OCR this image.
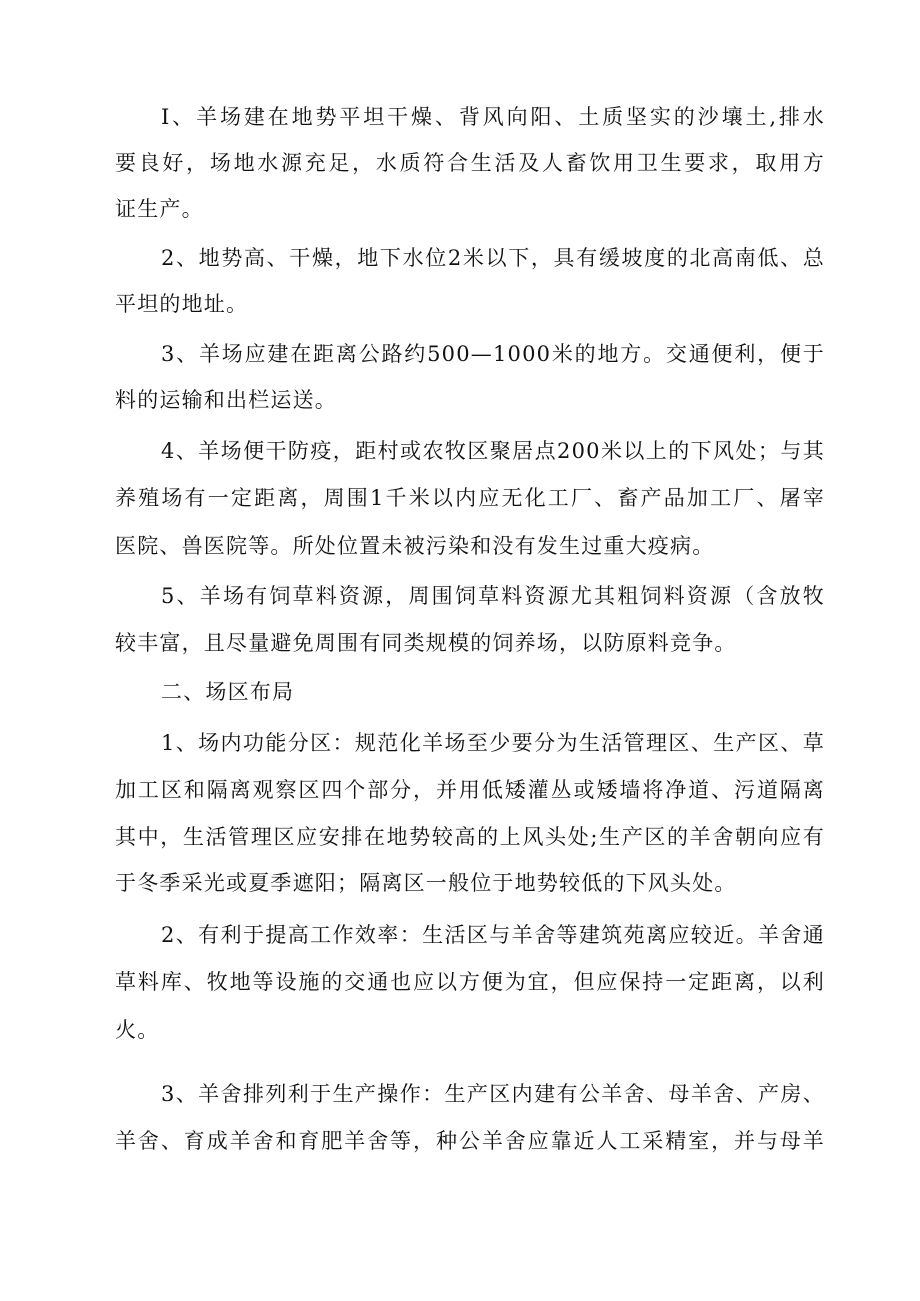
I、羊场建在地势平坦干燥、背风向阳、土质坚实的沙壤土,排水
要良好，场地水源充足，水质符合生活及人畜饮用卫生要求，取用方
证生产。
2、地势高、干燥，地下水位2米以下，具有缓坡度的北高南低、总
平坦的地址。
3、羊场应建在距离公路约500—1000米的地方。交通便利，便于
料的运输和出栏运送。
4、羊场便干防疫，距村或农牧区聚居点200米以上的下风处；与其
养殖场有一定距离，周围1千米以内应无化工厂、畜产品加工厂、屠宰
医院、兽医院等。所处位置未被污染和没有发生过重大疫病。
5、羊场有饲草料资源，周围饲草料资源尤其粗饲料资源（含放牧
较丰富，且尽量避免周围有同类规模的饲养场，以防原料竞争。
二、场区布局
1、场内功能分区：规范化羊场至少要分为生活管理区、生产区、草
加工区和隔离观察区四个部分，并用低矮灌丛或矮墙将净道、污道隔离
其中，生活管理区应安排在地势较高的上风头处;生产区的羊舍朝向应有
于冬季采光或夏季遮阳；隔离区一般位于地势较低的下风头处。
2、有利于提高工作效率：生活区与羊舍等建筑苑离应较近。羊舍通
草料库、牧地等设施的交通也应以方便为宜，但应保持一定距离，以利
火。
3、羊舍排列利于生产操作：生产区内建有公羊舍、母羊舍、产房、
羊舍、育成羊舍和育肥羊舍等，种公羊舍应靠近人工采精室，并与母羊
